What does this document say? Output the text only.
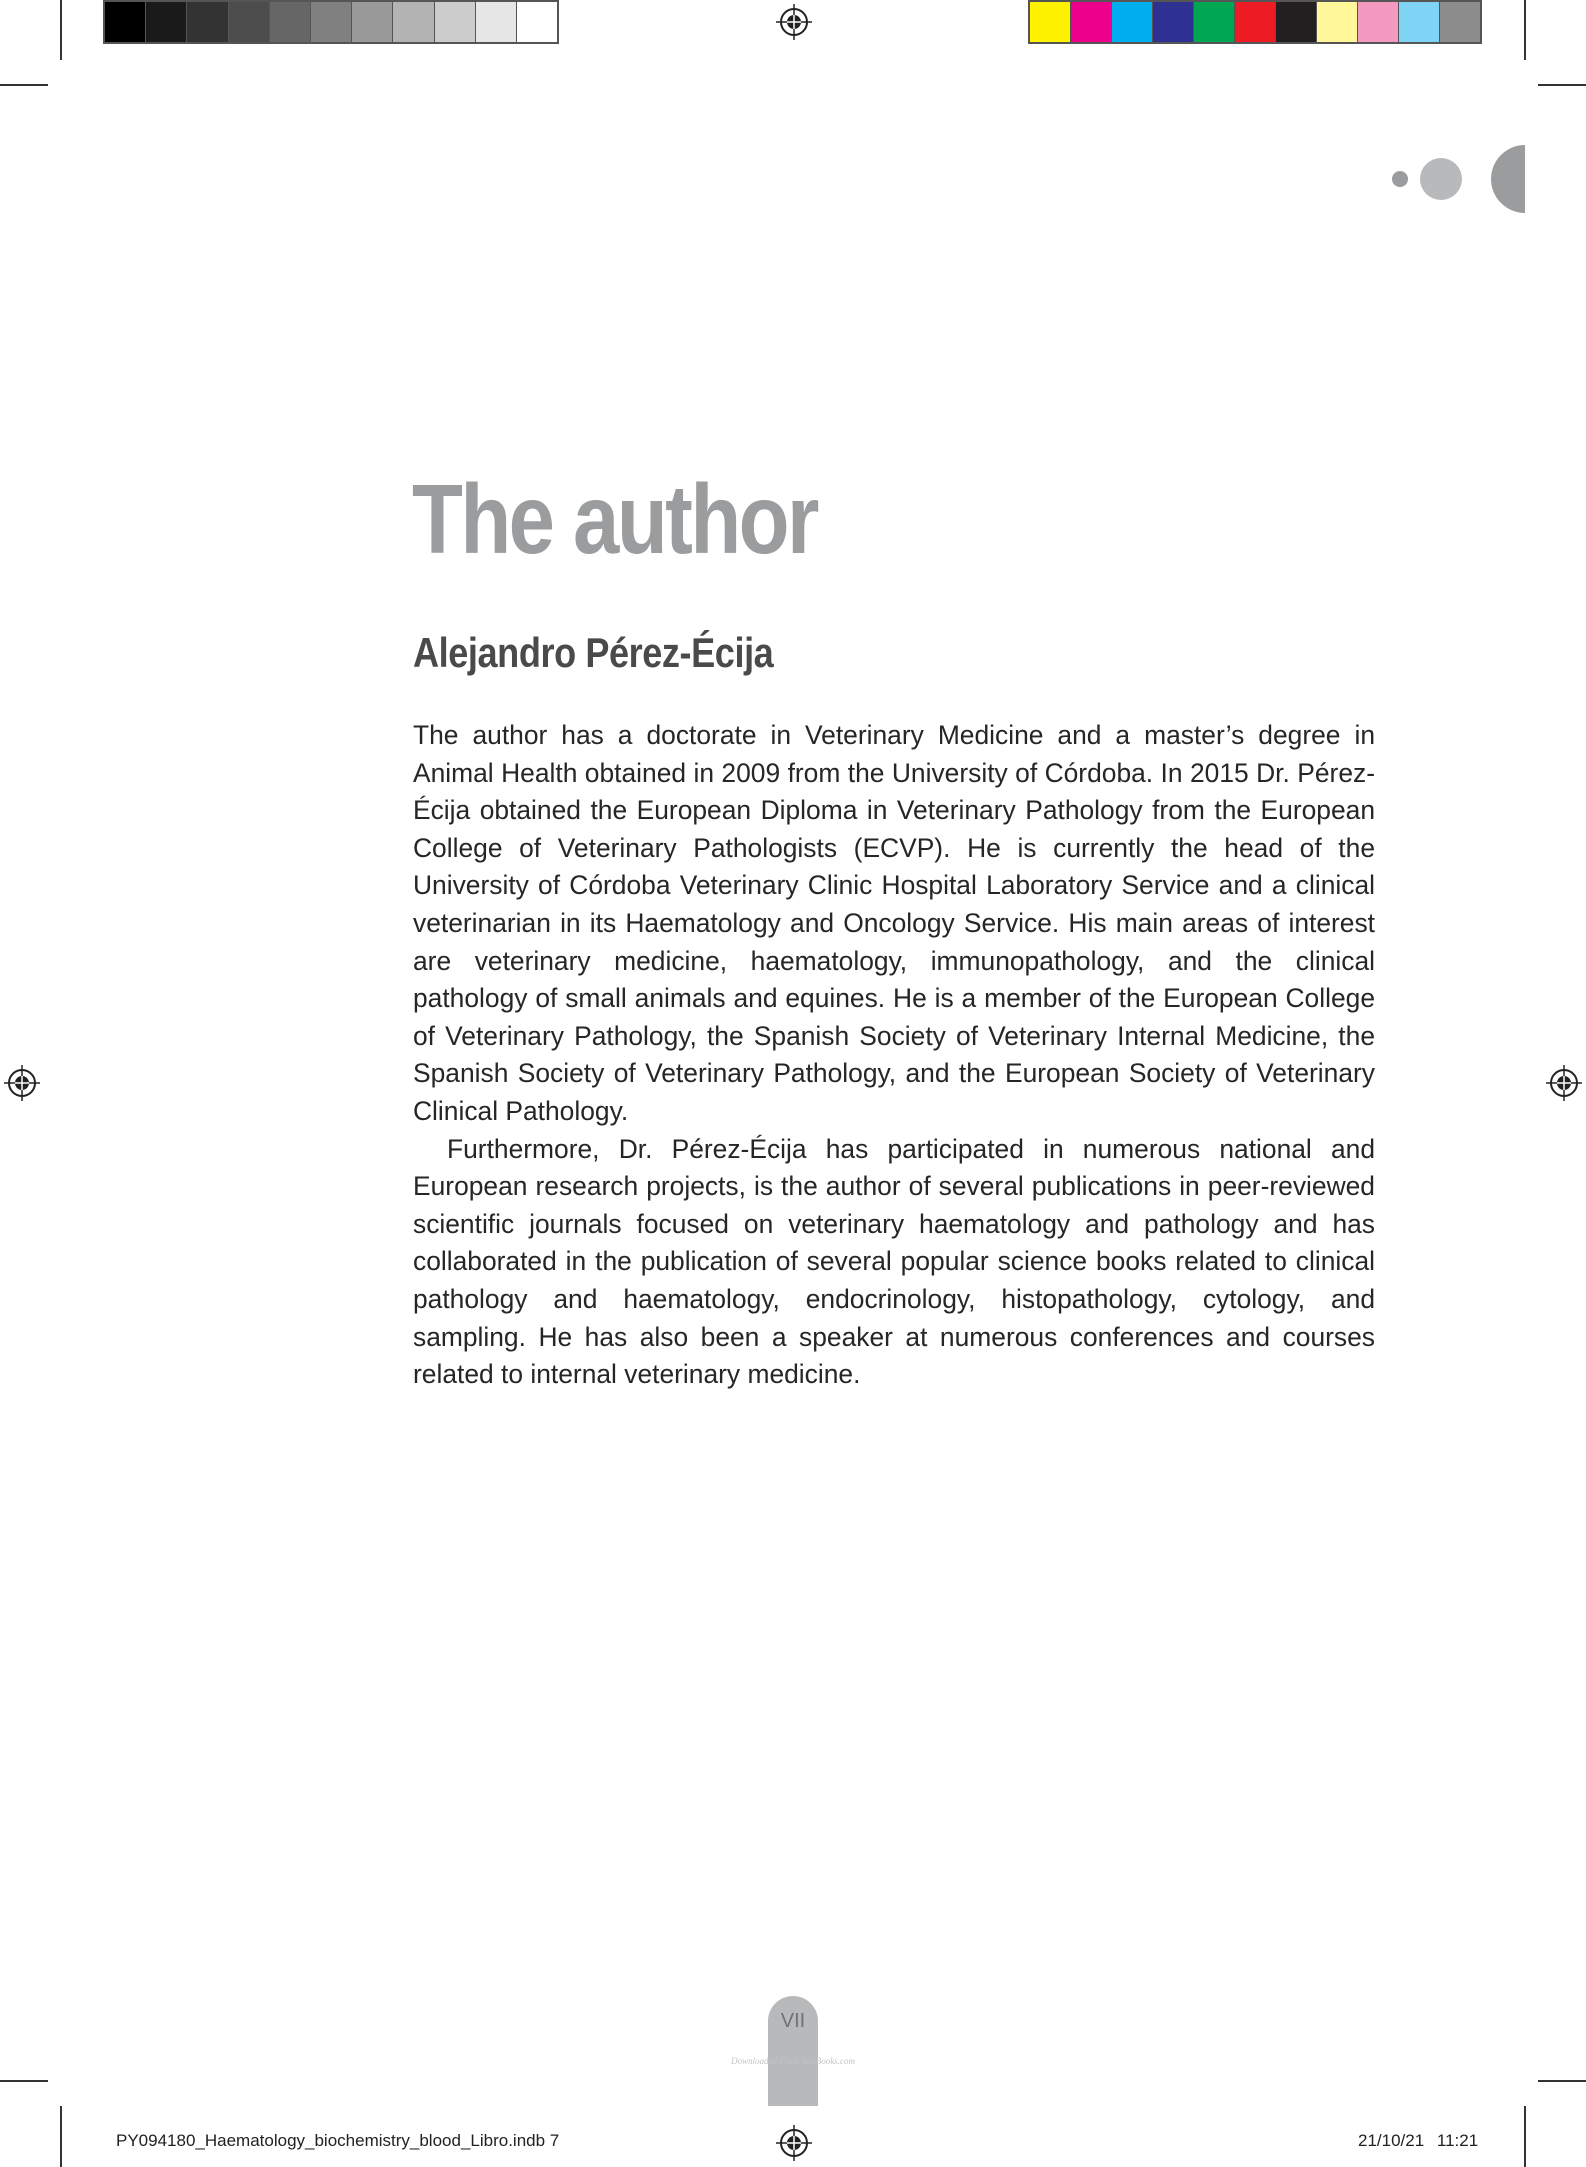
The author
Alejandro Pérez-Écija

The author has a doctorate in Veterinary Medicine and a master’s degree in Animal Health obtained in 2009 from the University of Córdoba. In 2015 Dr. Pérez-Écija obtained the European Diploma in Veterinary Pathology from the European College of Veterinary Pathologists (ECVP). He is currently the head of the University of Córdoba Veterinary Clinic Hospital Laboratory Service and a clinical veterinarian in its Haematology and Oncology Service. His main areas of interest are veterinary medicine, haematology, immunopathology, and the clinical pathology of small animals and equines. He is a member of the European College of Veterinary Pathology, the Spanish Society of Veterinary Internal Medicine, the Spanish Society of Veterinary Pathology, and the European Society of Veterinary Clinical Pathology.

Furthermore, Dr. Pérez-Écija has participated in numerous national and European research projects, is the author of several publications in peer-reviewed scientific journals focused on veterinary haematology and pathology and has collaborated in the publication of several popular science books related to clinical pathology and haematology, endocrinology, histopathology, cytology, and sampling. He has also been a speaker at numerous conferences and courses related to internal veterinary medicine.

VII
Downloaded From VetsBooks.com
PY094180_Haematology_biochemistry_blood_Libro.indb 7	21/10/21 11:21
